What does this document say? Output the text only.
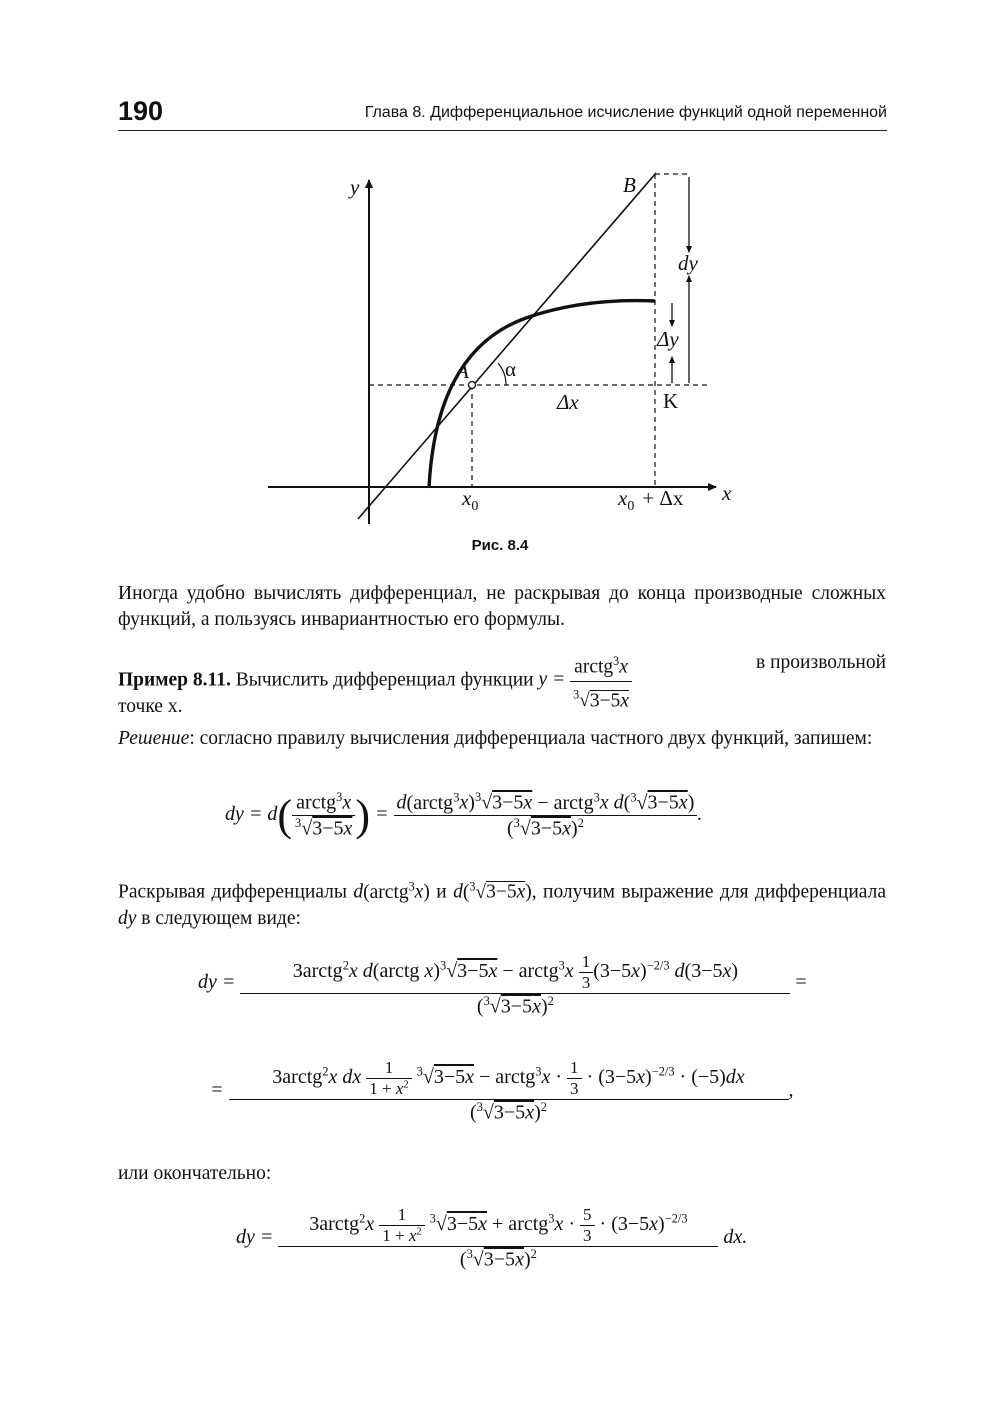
190	Глава 8. Дифференциальное исчисление функций одной переменной
y
x
B
A
K
α
dy
Δy
Δx
$x_0$	$x_0 + \Delta x$
Рис. 8.4
Иногда удобно вычислять дифференциал, не раскрывая до конца производные сложных функций, а пользуясь инвариантностью его формулы.
Пример 8.11. Вычислить дифференциал функции $y = \frac{arctg^3x}{^3√3-5x}$	в произвольной
точке x.
Решение: согласно правилу вычисления дифференциала частного двух функций, запишем:
dy = $d( \frac{arctg^3x}{^3√3-5x}$ ) = $\frac{d(arctg^3x)^3√3-5x - arctg^3x d(^3√3-5x)}{(^3√3-5x)^2}$ .
Раскрывая дифференциалы d(arctg$^3$x) и d($^3$√3−5x), получим выражение для дифференциала dy в следующем виде:
dy = $\frac{3arctg^2x d(arctg x)^3√3-5x - arctg^3x \frac{1}{3} (3-5x)^{-2/3} d(3-5x)}{(^3√3-5x)^2}$ =
=
3arctg$^2$x dx $\frac{1}{1 + x^2} ^3√3-5x$ − arctg$^3$x · $\frac{1}{3} \cdot (3-5x)^{-2/3} \cdot (-5)dx$
$(^3√3-5x)^2$
,
или окончательно:
dy = $\frac{3arctg^2x \frac{1}{1 + x^2} ^3√3-5x + arctg^3x \cdot \frac{5}{3} \cdot (3-5x)^{-2/3}}{(^3√3-5x)^2}$ dx.
